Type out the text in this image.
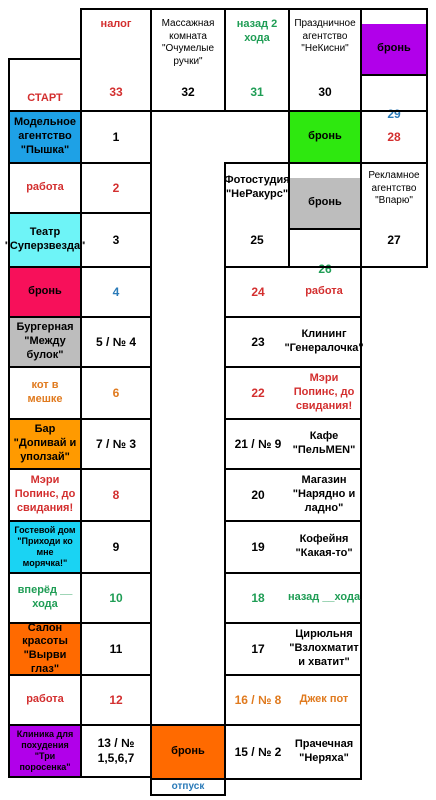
налог
33
Массажная комната "Очумелые ручки"
32
назад 2 хода
31
Праздничное агентство "НеКисни"
30

бронь

29

СТАРТ
Модельное агентство "Пышка"
1
работа	2
Театр "Суперзвезда" 3
бронь	4
Бургерная "Между булок"
5 / № 4
кот в мешке	6
Бар "Допивай и уползай"
7 / № 3
Мэри Попинс, до свидания!
8
Гостевой дом "Приходи ко мне морячка!"
9
вперёд __ хода	10
Салон красоты "Вырви глаз"
11
работа	12
Клиника для похудения "Три поросенка"
13 / № 1,5,6,7	бронь
отпуск
бронь	28
Фотостудия "НеРакурс"
25

бронь

26

Рекламное агентство "Впарю"
27
24	работа
23
Клининг "Генералочка"
22
Мэри Попинс, до свидания!
21 / № 9
Кафе "ПельМЕN"
20
Магазин "Нарядно и ладно"
19
Кофейня "Какая-то"
18 назад __хода
17
Цирюльня "Взлохматит и хватит"
16 / № 8 Джек пот
15 / № 2
Прачечная "Неряха"
